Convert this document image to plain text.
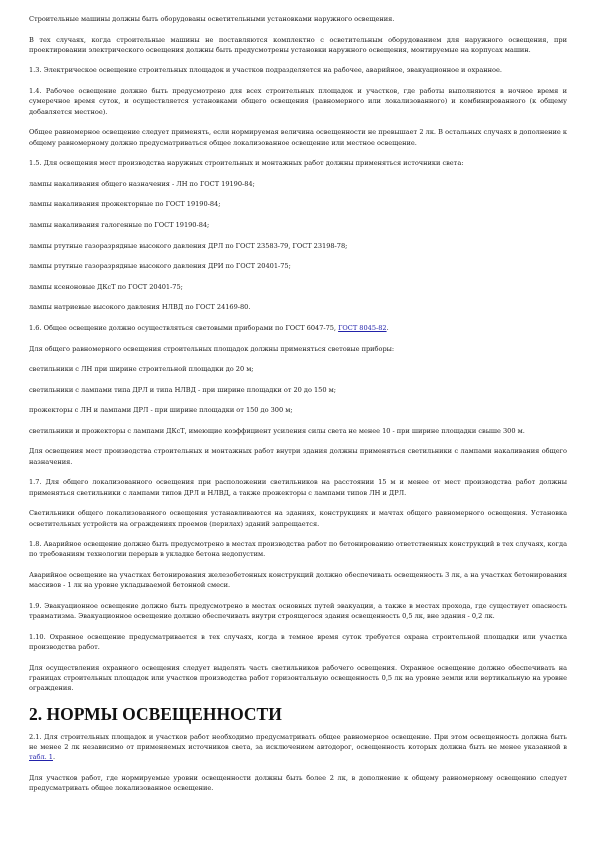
Строительные машины должны быть оборудованы осветительными установками наружного освещения.

В тех случаях, когда строительные машины не поставляются комплектно с осветительным оборудованием для наружного освещения, при проектировании электрического освещения должны быть предусмотрены установки наружного освещения, монтируемые на корпусах машин.

1.3. Электрическое освещение строительных площадок и участков подразделяется на рабочее, аварийное, эвакуационное и охранное.

1.4. Рабочее освещение должно быть предусмотрено для всех строительных площадок и участков, где работы выполняются в ночное время и сумеречное время суток, и осуществляется установками общего освещения (равномерного или локализованного) и комбинированного (к общему добавляется местное).

Общее равномерное освещение следует применять, если нормируемая величина освещенности не превышает 2 лк. В остальных случаях в дополнение к общему равномерному должно предусматриваться общее локализованное освещение или местное освещение.

1.5. Для освещения мест производства наружных строительных и монтажных работ должны применяться источники света:

лампы накаливания общего назначения - ЛН по ГОСТ 19190-84;

лампы накаливания прожекторные по ГОСТ 19190-84;

лампы накаливания галогенные по ГОСТ 19190-84;

лампы ртутные газоразрядные высокого давления ДРЛ по ГОСТ 23583-79, ГОСТ 23198-78;

лампы ртутные газоразрядные высокого давления ДРИ по ГОСТ 20401-75;

лампы ксеноновые ДКсТ по ГОСТ 20401-75;

лампы натриевые высокого давления НЛВД по ГОСТ 24169-80.

1.6. Общее освещение должно осуществляться световыми приборами по ГОСТ 6047-75, ГОСТ 8045-82.

Для общего равномерного освещения строительных площадок должны применяться световые приборы:

светильники с ЛН при ширине строительной площадки до 20 м;

светильники с лампами типа ДРЛ и типа НЛВД - при ширине площадки от 20 до 150 м;

прожекторы с ЛН и лампами ДРЛ - при ширине площадки от 150 до 300 м;

светильники и прожекторы с лампами ДКсТ, имеющие коэффициент усиления силы света не менее 10 - при ширине площадки свыше 300 м.

Для освещения мест производства строительных и монтажных работ внутри здания должны применяться светильники с лампами накаливания общего назначения.

1.7. Для общего локализованного освещения при расположении светильников на расстоянии 15 м и менее от мест производства работ должны применяться светильники с лампами типов ДРЛ и НЛВД, а также прожекторы с лампами типов ЛН и ДРЛ.

Светильники общего локализованного освещения устанавливаются на зданиях, конструкциях и мачтах общего равномерного освещения. Установка осветительных устройств на ограждениях проемов (перилах) зданий запрещается.

1.8. Аварийное освещение должно быть предусмотрено в местах производства работ по бетонированию ответственных конструкций в тех случаях, когда по требованиям технологии перерыв в укладке бетона недопустим.

Аварийное освещение на участках бетонирования железобетонных конструкций должно обеспечивать освещенность 3 лк, а на участках бетонирования массивов - 1 лк на уровне укладываемой бетонной смеси.

1.9. Эвакуационное освещение должно быть предусмотрено в местах основных путей эвакуации, а также в местах прохода, где существует опасность травматизма. Эвакуационное освещение должно обеспечивать внутри строящегося здания освещенность 0,5 лк, вне здания - 0,2 лк.

1.10. Охранное освещение предусматривается в тех случаях, когда в темное время суток требуется охрана строительной площадки или участка производства работ.

Для осуществления охранного освещения следует выделять часть светильников рабочего освещения. Охранное освещение должно обеспечивать на границах строительных площадок или участков производства работ горизонтальную освещенность 0,5 лк на уровне земли или вертикальную на уровне ограждения.

2. НОРМЫ ОСВЕЩЕННОСТИ

2.1. Для строительных площадок и участков работ необходимо предусматривать общее равномерное освещение. При этом освещенность должна быть не менее 2 лк независимо от применяемых источников света, за исключением автодорог, освещенность которых должна быть не менее указанной в табл. 1.

Для участков работ, где нормируемые уровни освещенности должны быть более 2 лк, в дополнение к общему равномерному освещению следует предусматривать общее локализованное освещение.
